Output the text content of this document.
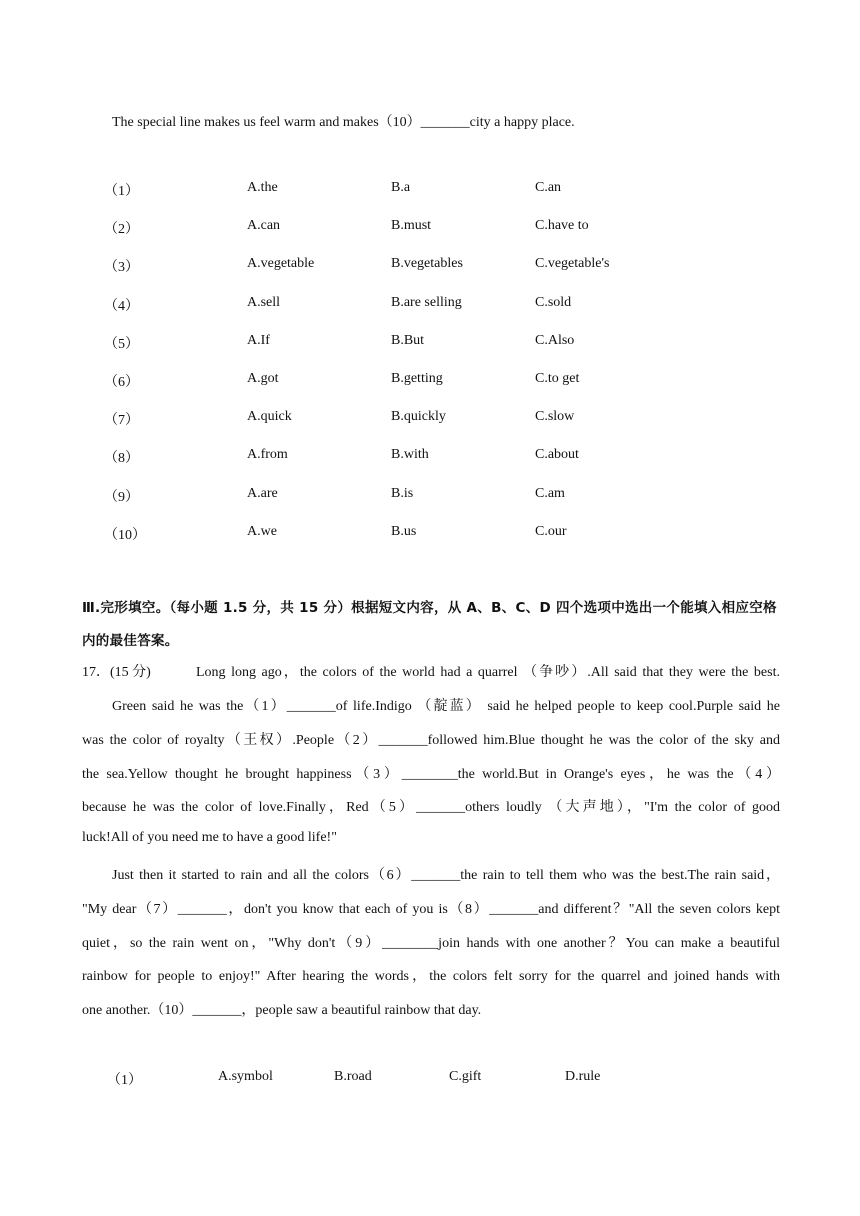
The special line makes us feel warm and makes（10）_______city a happy place.
（1）	A.the	B.a	C.an
（2）	A.can	B.must	C.have to
（3）	A.vegetable	B.vegetables	C.vegetable's
（4）	A.sell	B.are selling	C.sold
（5）	A.If	B.But	C.Also
（6）	A.got	B.getting	C.to get
（7）	A.quick	B.quickly	C.slow
（8）	A.from	B.with	C.about
（9）	A.are	B.is	C.am
（10）	A.we	B.us	C.our
Ⅲ.完形填空。（每小题 1.5 分，共 15 分）根据短文内容，从 A、B、C、D 四个选项中选出一个能填入相应空格内的最佳答案。
17．(15 分)	Long long ago，the colors of the world had a quarrel （争吵）.All said that they were the best.
Green said he was the（1）_______of life.Indigo （靛蓝） said he helped people to keep cool.Purple said he
was the color of royalty（王权）.People（2）_______followed him.Blue thought he was the color of the sky and
the sea.Yellow thought he brought happiness（3）________the world.But in Orange's eyes，he was the（4）
because he was the color of love.Finally，Red（5）_______others loudly （大声地），"I'm the color of good
luck!All of you need me to have a good life!"
Just then it started to rain and all the colors（6）_______the rain to tell them who was the best.The rain said，
"My dear（7）_______，don't you know that each of you is（8）_______and different？"All the seven colors kept
quiet，so the rain went on，"Why don't（9）________join hands with one another？You can make a beautiful
rainbow for people to enjoy!" After hearing the words，the colors felt sorry for the quarrel and joined hands with
one another.（10）_______，people saw a beautiful rainbow that day.
（1）	A.symbol	B.road	C.gift	D.rule
